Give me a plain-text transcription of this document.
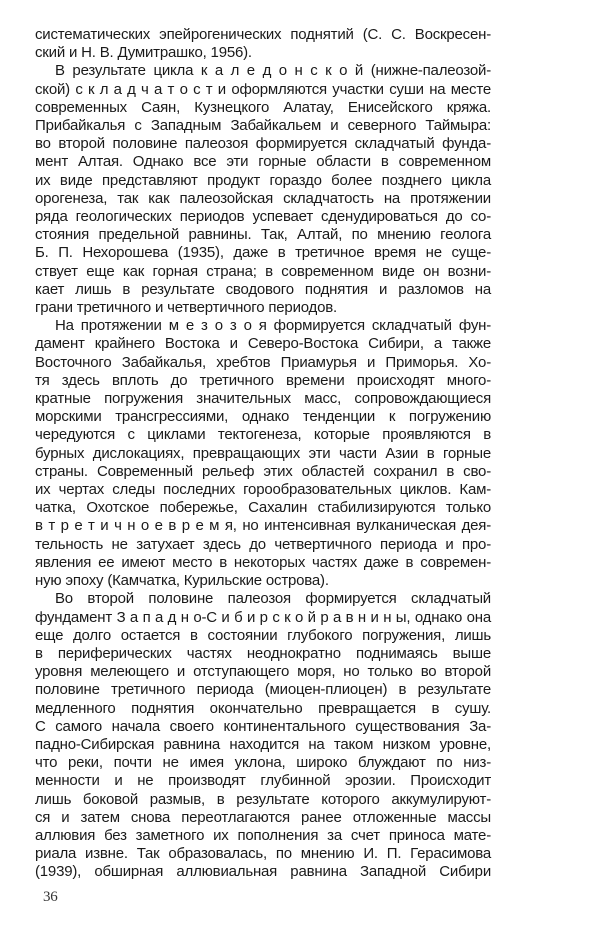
систематических эпейрогенических поднятий (С. С. Воскресен-
ский и Н. В. Думитрашко, 1956).
В результате цикла к а л е д о н с к о й (нижне-палеозой-
ской) с к л а д ч а т о с т и оформляются участки суши на месте
современных Саян, Кузнецкого Алатау, Енисейского кряжа.
Прибайкалья с Западным Забайкальем и северного Таймыра:
во второй половине палеозоя формируется складчатый фунда-
мент Алтая. Однако все эти горные области в современном
их виде представляют продукт гораздо более позднего цикла
орогенеза, так как палеозойская складчатость на протяжении
ряда геологических периодов успевает сденудироваться до со-
стояния предельной равнины. Так, Алтай, по мнению геолога
Б. П. Нехорошева (1935), даже в третичное время не суще-
ствует еще как горная страна; в современном виде он возни-
кает лишь в результате сводового поднятия и разломов на
грани третичного и четвертичного периодов.
На протяжении м е з о з о я формируется складчатый фун-
дамент крайнего Востока и Северо-Востока Сибири, а также
Восточного Забайкалья, хребтов Приамурья и Приморья. Хо-
тя здесь вплоть до третичного времени происходят много-
кратные погружения значительных масс, сопровождающиеся
морскими трансгрессиями, однако тенденции к погружению
чередуются с циклами тектогенеза, которые проявляются в
бурных дислокациях, превращающих эти части Азии в горные
страны. Современный рельеф этих областей сохранил в сво-
их чертах следы последних горообразовательных циклов. Кам-
чатка, Охотское побережье, Сахалин стабилизируются только
в т р е т и ч н о е в р е м я, но интенсивная вулканическая дея-
тельность не затухает здесь до четвертичного периода и про-
явления ее имеют место в некоторых частях даже в современ-
ную эпоху (Камчатка, Курильские острова).
Во второй половине палеозоя формируется складчатый
фундамент З а п а д н о-С и б и р с к о й р а в н и н ы, однако она
еще долго остается в состоянии глубокого погружения, лишь
в периферических частях неоднократно поднимаясь выше
уровня мелеющего и отступающего моря, но только во второй
половине третичного периода (миоцен-плиоцен) в результате
медленного поднятия окончательно превращается в сушу.
С самого начала своего континентального существования За-
падно-Сибирская равнина находится на таком низком уровне,
что реки, почти не имея уклона, широко блуждают по низ-
менности и не производят глубинной эрозии. Происходит
лишь боковой размыв, в результате которого аккумулируют-
ся и затем снова переотлагаются ранее отложенные массы
аллювия без заметного их пополнения за счет приноса мате-
риала извне. Так образовалась, по мнению И. П. Герасимова
(1939), обширная аллювиальная равнина Западной Сибири
36
